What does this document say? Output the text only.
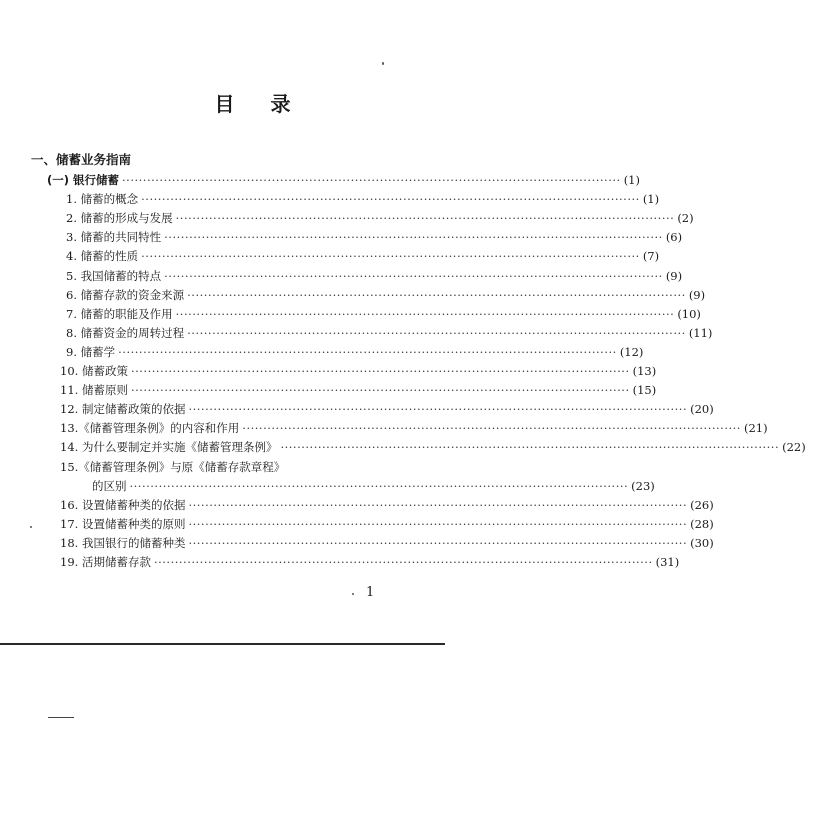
目 录
一、储蓄业务指南
(一) 银行储蓄 ························································································································ (1)
1. 储蓄的概念 ························································································································ (1)
2. 储蓄的形成与发展 ························································································································ (2)
3. 储蓄的共同特性 ························································································································ (6)
4. 储蓄的性质 ························································································································ (7)
5. 我国储蓄的特点 ························································································································ (9)
6. 储蓄存款的资金来源 ························································································································ (9)
7. 储蓄的职能及作用 ························································································································ (10)
8. 储蓄资金的周转过程 ························································································································ (11)
9. 储蓄学 ························································································································ (12)
10. 储蓄政策 ························································································································ (13)
11. 储蓄原则 ························································································································ (15)
12. 制定储蓄政策的依据 ························································································································ (20)
13.《储蓄管理条例》的内容和作用 ························································································································ (21)
14. 为什么要制定并实施《储蓄管理条例》 ························································································································ (22)
15.《储蓄管理条例》与原《储蓄存款章程》
的区别 ························································································································ (23)
16. 设置储蓄种类的依据 ························································································································ (26)
17. 设置储蓄种类的原则 ························································································································ (28)
18. 我国银行的储蓄种类 ························································································································ (30)
19. 活期储蓄存款 ························································································································ (31)
1
